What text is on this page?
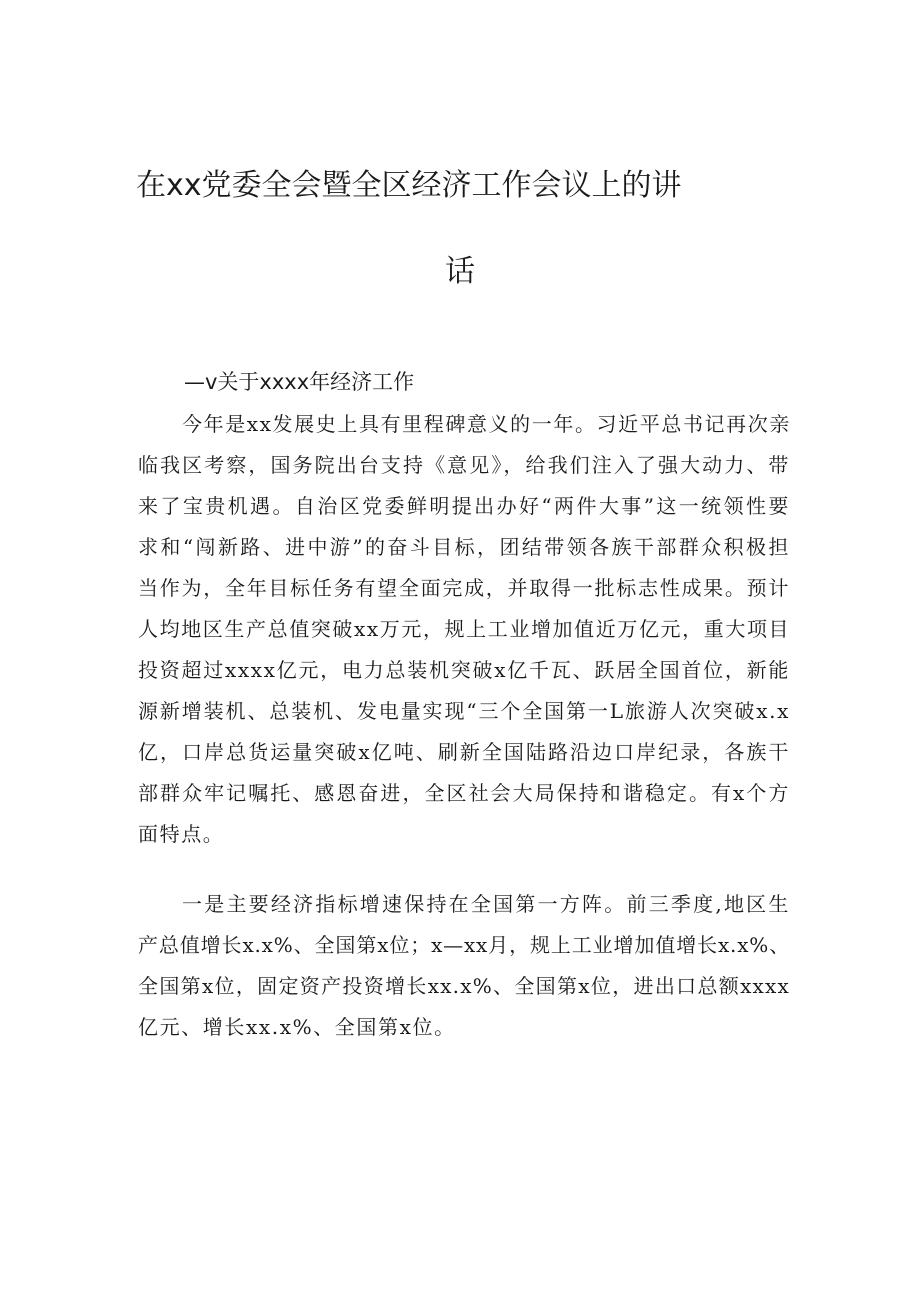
在xx党委全会暨全区经济工作会议上的讲
话
—v关于xxxx年经济工作
今年是xx发展史上具有里程碑意义的一年。习近平总书记再次亲
临我区考察，国务院出台支持《意见》，给我们注入了强大动力、带
来了宝贵机遇。自治区党委鲜明提出办好“两件大事”这一统领性要
求和“闯新路、进中游”的奋斗目标，团结带领各族干部群众积极担
当作为，全年目标任务有望全面完成，并取得一批标志性成果。预计
人均地区生产总值突破xx万元，规上工业增加值近万亿元，重大项目
投资超过xxxx亿元，电力总装机突破x亿千瓦、跃居全国首位，新能
源新增装机、总装机、发电量实现“三个全国第一L旅游人次突破x.x
亿，口岸总货运量突破x亿吨、刷新全国陆路沿边口岸纪录，各族干
部群众牢记嘱托、感恩奋进，全区社会大局保持和谐稳定。有x个方
面特点。
一是主要经济指标增速保持在全国第一方阵。前三季度,地区生
产总值增长x.x%、全国第x位；x—xx月，规上工业增加值增长x.x%、
全国第x位，固定资产投资增长xx.x%、全国第x位，进出口总额xxxx
亿元、增长xx.x%、全国第x位。
